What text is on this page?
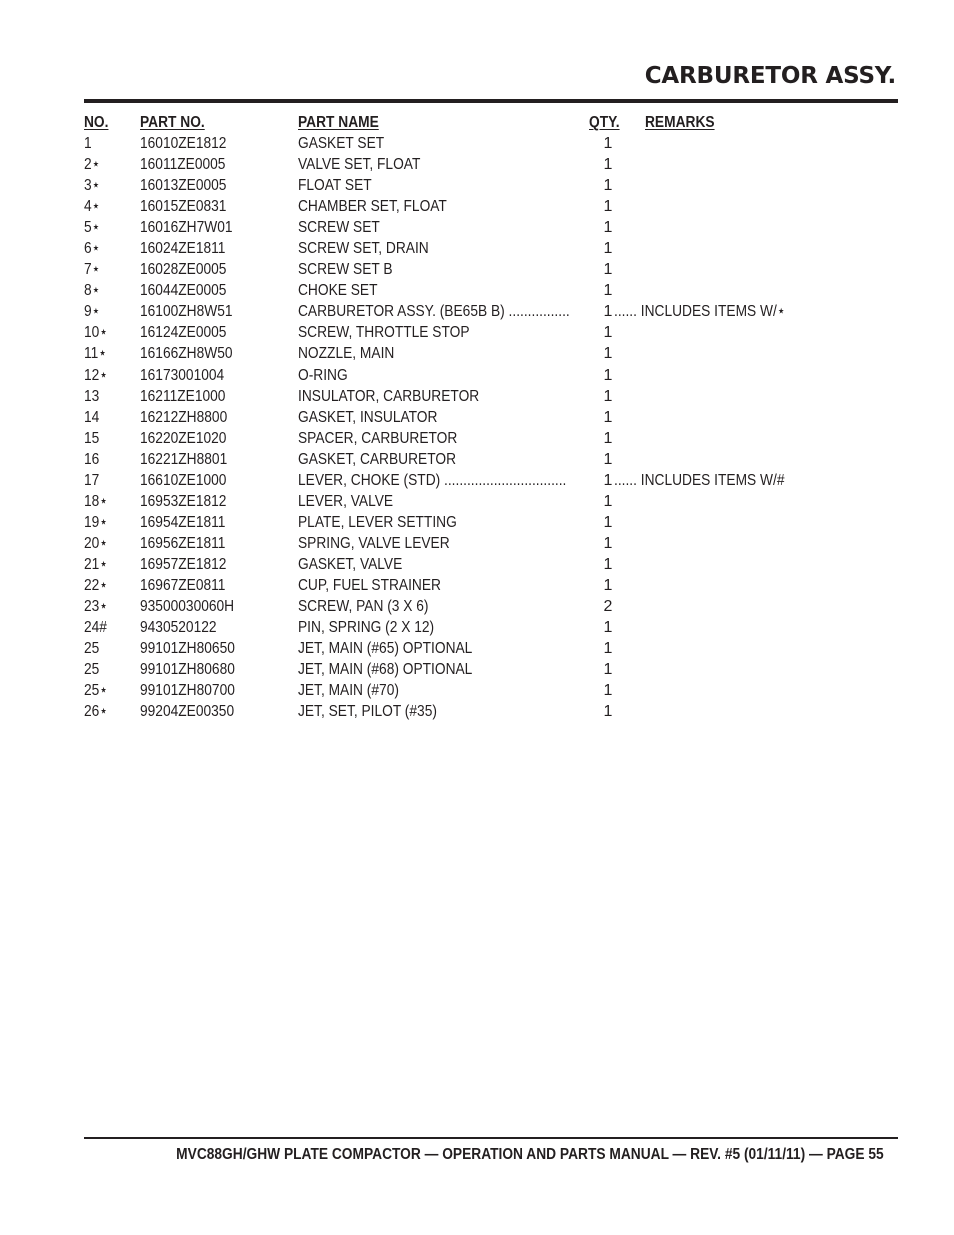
CARBURETOR ASSY.
NO. PART NO.	PART NAME	QTY. REMARKS
1	16010ZE1812	GASKET SET	1
2⋆ 16011ZE0005	VALVE SET, FLOAT	1
3⋆ 16013ZE0005	FLOAT SET	1
4⋆ 16015ZE0831	CHAMBER SET, FLOAT	1
5⋆ 16016ZH7W01	SCREW SET	1
6⋆ 16024ZE1811	SCREW SET, DRAIN	1
7⋆ 16028ZE0005	SCREW SET B	1
8⋆ 16044ZE0005	CHOKE SET	1
9⋆ 16100ZH8W51	CARBURETOR ASSY. (BE65B B) ................ 1 ...... INCLUDES ITEMS W/⋆
10⋆ 16124ZE0005	SCREW, THROTTLE STOP	1
11⋆ 16166ZH8W50	NOZZLE, MAIN	1
12⋆ 16173001004	O-RING	1
13	16211ZE1000	INSULATOR, CARBURETOR	1
14	16212ZH8800	GASKET, INSULATOR	1
15	16220ZE1020	SPACER, CARBURETOR	1
16	16221ZH8801	GASKET, CARBURETOR	1
17	16610ZE1000	LEVER, CHOKE (STD) ................................ 1 ...... INCLUDES ITEMS W/#
18⋆ 16953ZE1812	LEVER, VALVE	1
19⋆ 16954ZE1811	PLATE, LEVER SETTING	1
20⋆ 16956ZE1811	SPRING, VALVE LEVER	1
21⋆ 16957ZE1812	GASKET, VALVE	1
22⋆ 16967ZE0811	CUP, FUEL STRAINER	1
23⋆ 93500030060H	SCREW, PAN (3 X 6)	2
24# 9430520122	PIN, SPRING (2 X 12)	1
25	99101ZH80650	JET, MAIN (#65) OPTIONAL	1
25	99101ZH80680	JET, MAIN (#68) OPTIONAL	1
25⋆ 99101ZH80700	JET, MAIN (#70)	1
26⋆ 99204ZE00350	JET, SET, PILOT (#35)	1
MVC88GH/GHW PLATE COMPACTOR — OPERATION AND PARTS MANUAL — REV. #5 (01/11/11) — PAGE 55
